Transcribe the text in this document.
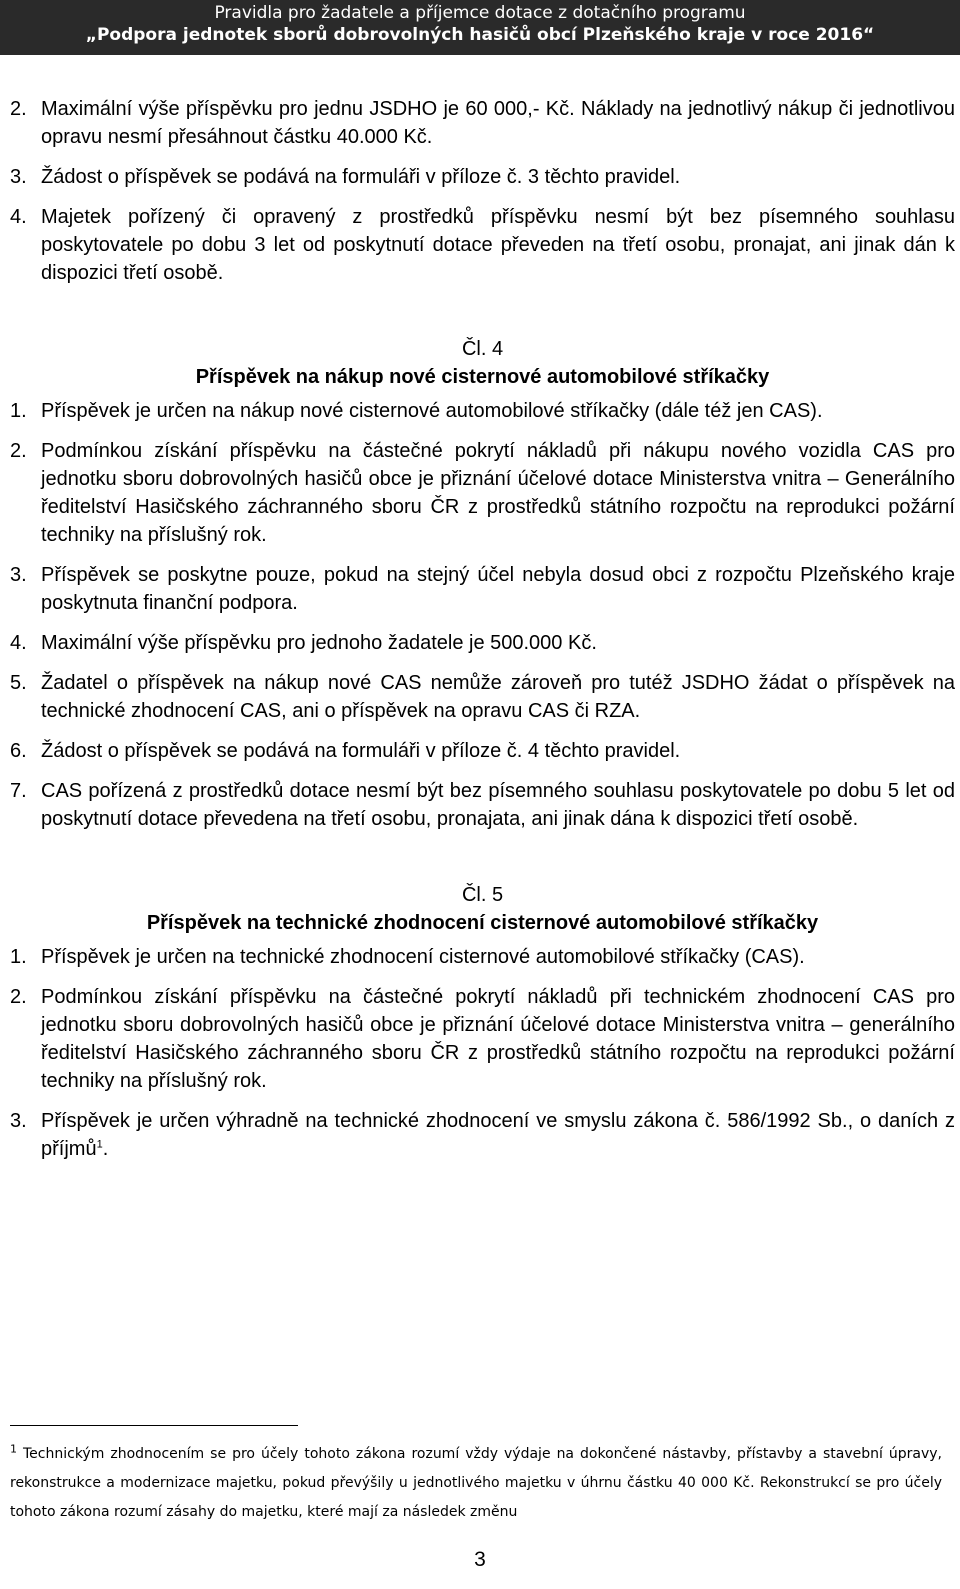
Pravidla pro žadatele a příjemce dotace z dotačního programu
„Podpora jednotek sborů dobrovolných hasičů obcí Plzeňského kraje v roce 2016“
2. Maximální výše příspěvku pro jednu JSDHO je 60 000,- Kč. Náklady na jednotlivý nákup či jednotlivou opravu nesmí přesáhnout částku 40.000 Kč.
3. Žádost o příspěvek se podává na formuláři v příloze č. 3 těchto pravidel.
4. Majetek pořízený či opravený z prostředků příspěvku nesmí být bez písemného souhlasu poskytovatele po dobu 3 let od poskytnutí dotace převeden na třetí osobu, pronajat, ani jinak dán k dispozici třetí osobě.
Čl. 4
Příspěvek na nákup nové cisternové automobilové stříkačky
1. Příspěvek je určen na nákup nové cisternové automobilové stříkačky (dále též jen CAS).
2. Podmínkou získání příspěvku na částečné pokrytí nákladů při nákupu nového vozidla CAS pro jednotku sboru dobrovolných hasičů obce je přiznání účelové dotace Ministerstva vnitra – Generálního ředitelství Hasičského záchranného sboru ČR z prostředků státního rozpočtu na reprodukci požární techniky na příslušný rok.
3. Příspěvek se poskytne pouze, pokud na stejný účel nebyla dosud obci z rozpočtu Plzeňského kraje poskytnuta finanční podpora.
4. Maximální výše příspěvku pro jednoho žadatele je 500.000 Kč.
5. Žadatel o příspěvek na nákup nové CAS nemůže zároveň pro tutéž JSDHO žádat o příspěvek na technické zhodnocení CAS, ani o příspěvek na opravu CAS či RZA.
6. Žádost o příspěvek se podává na formuláři v příloze č. 4 těchto pravidel.
7. CAS pořízená z prostředků dotace nesmí být bez písemného souhlasu poskytovatele po dobu 5 let od poskytnutí dotace převedena na třetí osobu, pronajata, ani jinak dána k dispozici třetí osobě.
Čl. 5
Příspěvek na technické zhodnocení cisternové automobilové stříkačky
1. Příspěvek je určen na technické zhodnocení cisternové automobilové stříkačky (CAS).
2. Podmínkou získání příspěvku na částečné pokrytí nákladů při technickém zhodnocení CAS pro jednotku sboru dobrovolných hasičů obce je přiznání účelové dotace Ministerstva vnitra – generálního ředitelství Hasičského záchranného sboru ČR z prostředků státního rozpočtu na reprodukci požární techniky na příslušný rok.
3. Příspěvek je určen výhradně na technické zhodnocení ve smyslu zákona č. 586/1992 Sb., o daních z příjmů$^1$.
$^1$ Technickým zhodnocením se pro účely tohoto zákona rozumí vždy výdaje na dokončené nástavby, přístavby a stavební úpravy, rekonstrukce a modernizace majetku, pokud převýšily u jednotlivého majetku v úhrnu částku 40 000 Kč. Rekonstrukcí se pro účely tohoto zákona rozumí zásahy do majetku, které mají za následek změnu
3
